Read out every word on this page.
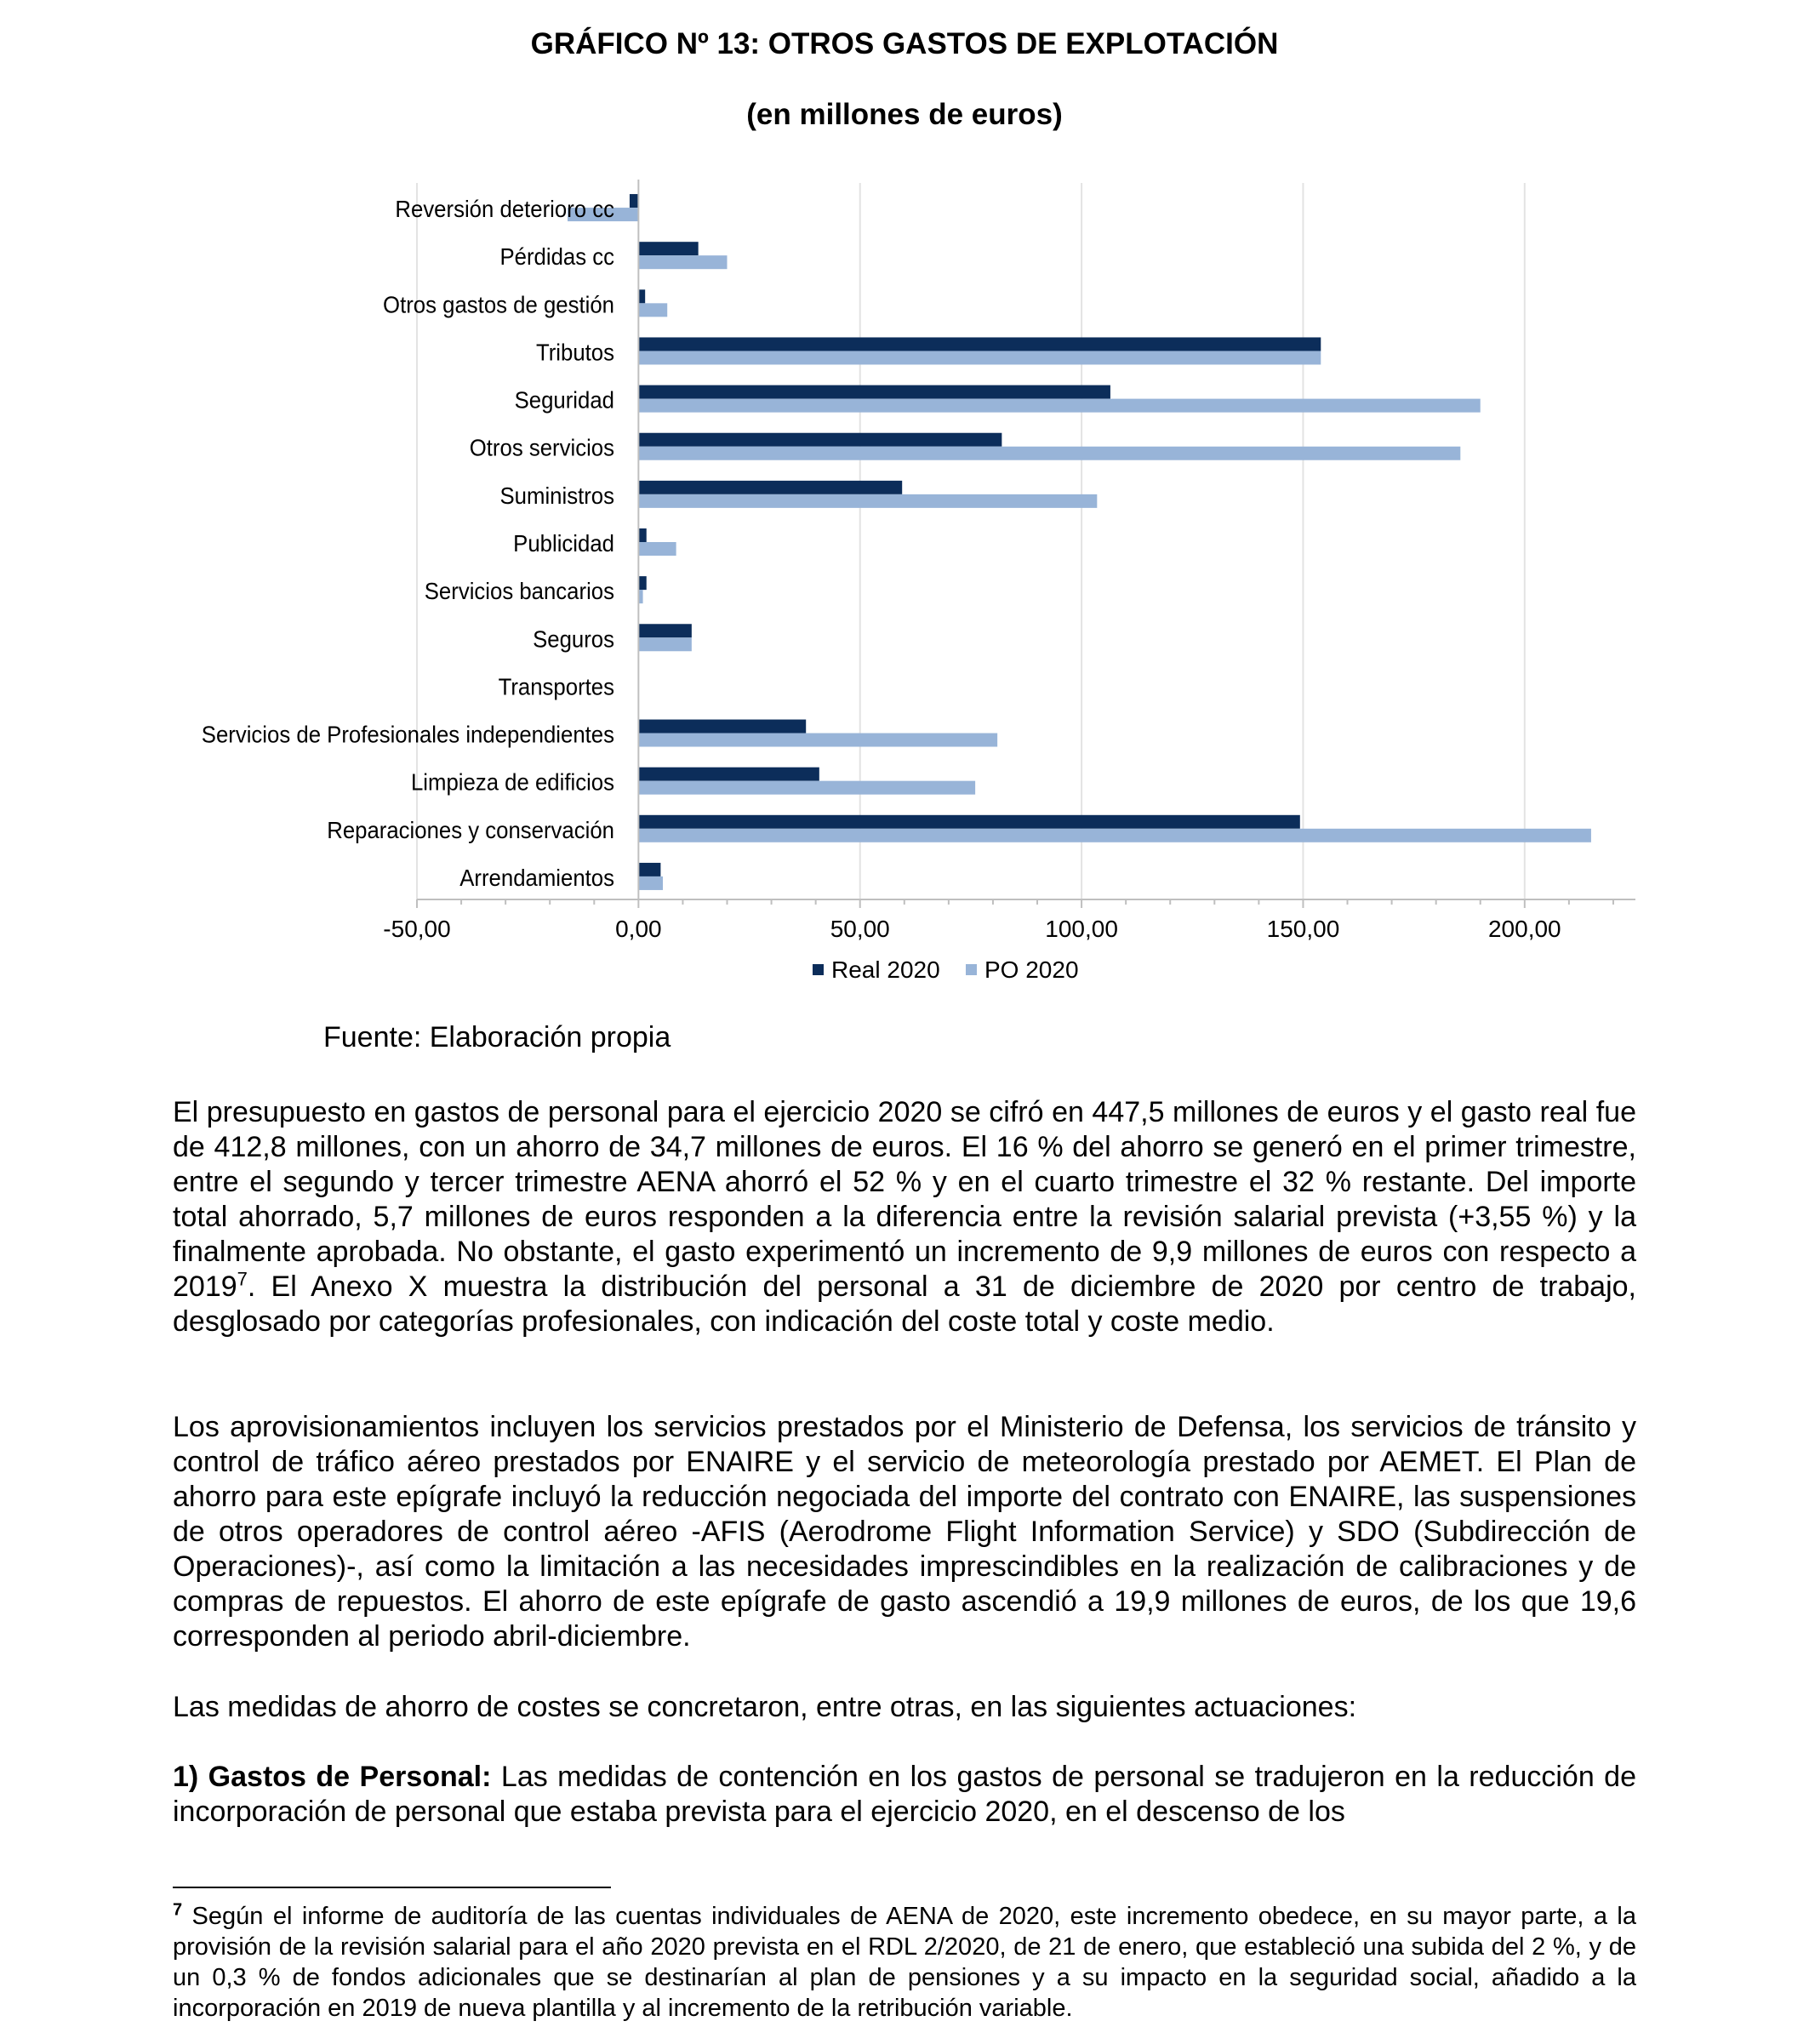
GRÁFICO Nº 13: OTROS GASTOS DE EXPLOTACIÓN
(en millones de euros)
Reversión deterioro cc
Pérdidas cc
Otros gastos de gestión
Tributos
Seguridad
Otros servicios
Suministros
Publicidad
Servicios bancarios
Seguros
Transportes
Servicios de Profesionales independientes
Limpieza de edificios
Reparaciones y conservación
Arrendamientos
-50,00	0,00	50,00	100,00	150,00	200,00
Real 2020 PO 2020
Fuente: Elaboración propia

El presupuesto en gastos de personal para el ejercicio 2020 se cifró en 447,5 millones de euros y el gasto real fue de 412,8 millones, con un ahorro de 34,7 millones de euros. El 16 % del ahorro se generó en el primer trimestre, entre el segundo y tercer trimestre AENA ahorró el 52 % y en el cuarto trimestre el 32 % restante. Del importe total ahorrado, 5,7 millones de euros responden a la diferencia entre la revisión salarial prevista (+3,55 %) y la finalmente aprobada. No obstante, el gasto experimentó un incremento de 9,9 millones de euros con respecto a 2019$^7$. El Anexo X muestra la distribución del personal a 31 de diciembre de 2020 por centro de trabajo, desglosado por categorías profesionales, con indicación del coste total y coste medio.

Los aprovisionamientos incluyen los servicios prestados por el Ministerio de Defensa, los servicios de tránsito y control de tráfico aéreo prestados por ENAIRE y el servicio de meteorología prestado por AEMET. El Plan de ahorro para este epígrafe incluyó la reducción negociada del importe del contrato con ENAIRE, las suspensiones de otros operadores de control aéreo -AFIS (Aerodrome Flight Information Service) y SDO (Subdirección de Operaciones)-, así como la limitación a las necesidades imprescindibles en la realización de calibraciones y de compras de repuestos. El ahorro de este epígrafe de gasto ascendió a 19,9 millones de euros, de los que 19,6 corresponden al periodo abril-diciembre.

Las medidas de ahorro de costes se concretaron, entre otras, en las siguientes actuaciones:

1) Gastos de Personal: Las medidas de contención en los gastos de personal se tradujeron en la reducción de incorporación de personal que estaba prevista para el ejercicio 2020, en el descenso de los

$^7$ Según el informe de auditoría de las cuentas individuales de AENA de 2020, este incremento obedece, en su mayor parte, a la provisión de la revisión salarial para el año 2020 prevista en el RDL 2/2020, de 21 de enero, que estableció una subida del 2 %, y de un 0,3 % de fondos adicionales que se destinarían al plan de pensiones y a su impacto en la seguridad social, añadido a la incorporación en 2019 de nueva plantilla y al incremento de la retribución variable.
